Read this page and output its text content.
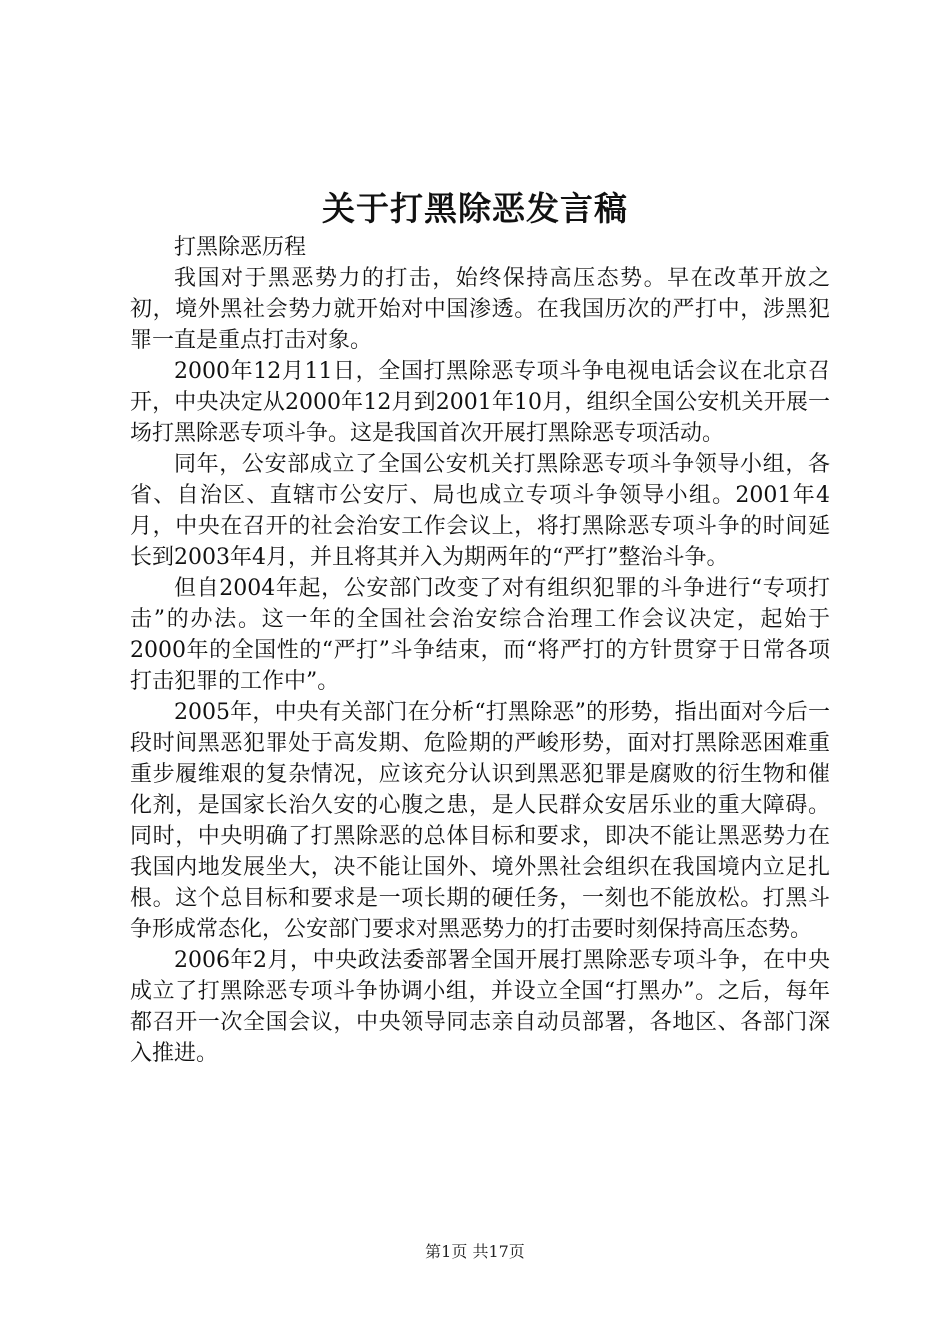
关于打黑除恶发言稿

打黑除恶历程

我国对于黑恶势力的打击，始终保持高压态势。早在改革开放之初，境外黑社会势力就开始对中国渗透。在我国历次的严打中，涉黑犯罪一直是重点打击对象。

2000年12月11日，全国打黑除恶专项斗争电视电话会议在北京召开，中央决定从2000年12月到2001年10月，组织全国公安机关开展一场打黑除恶专项斗争。这是我国首次开展打黑除恶专项活动。

同年，公安部成立了全国公安机关打黑除恶专项斗争领导小组，各省、自治区、直辖市公安厅、局也成立专项斗争领导小组。2001年4月，中央在召开的社会治安工作会议上，将打黑除恶专项斗争的时间延长到2003年4月，并且将其并入为期两年的“严打”整治斗争。

但自2004年起，公安部门改变了对有组织犯罪的斗争进行“专项打击”的办法。这一年的全国社会治安综合治理工作会议决定，起始于2000年的全国性的“严打”斗争结束，而“将严打的方针贯穿于日常各项打击犯罪的工作中”。

2005年，中央有关部门在分析“打黑除恶”的形势，指出面对今后一段时间黑恶犯罪处于高发期、危险期的严峻形势，面对打黑除恶困难重重步履维艰的复杂情况，应该充分认识到黑恶犯罪是腐败的衍生物和催化剂，是国家长治久安的心腹之患，是人民群众安居乐业的重大障碍。同时，中央明确了打黑除恶的总体目标和要求，即决不能让黑恶势力在我国内地发展坐大，决不能让国外、境外黑社会组织在我国境内立足扎根。这个总目标和要求是一项长期的硬任务，一刻也不能放松。打黑斗争形成常态化，公安部门要求对黑恶势力的打击要时刻保持高压态势。

2006年2月，中央政法委部署全国开展打黑除恶专项斗争，在中央成立了打黑除恶专项斗争协调小组，并设立全国“打黑办”。之后，每年都召开一次全国会议，中央领导同志亲自动员部署，各地区、各部门深入推进。

第1页 共17页
